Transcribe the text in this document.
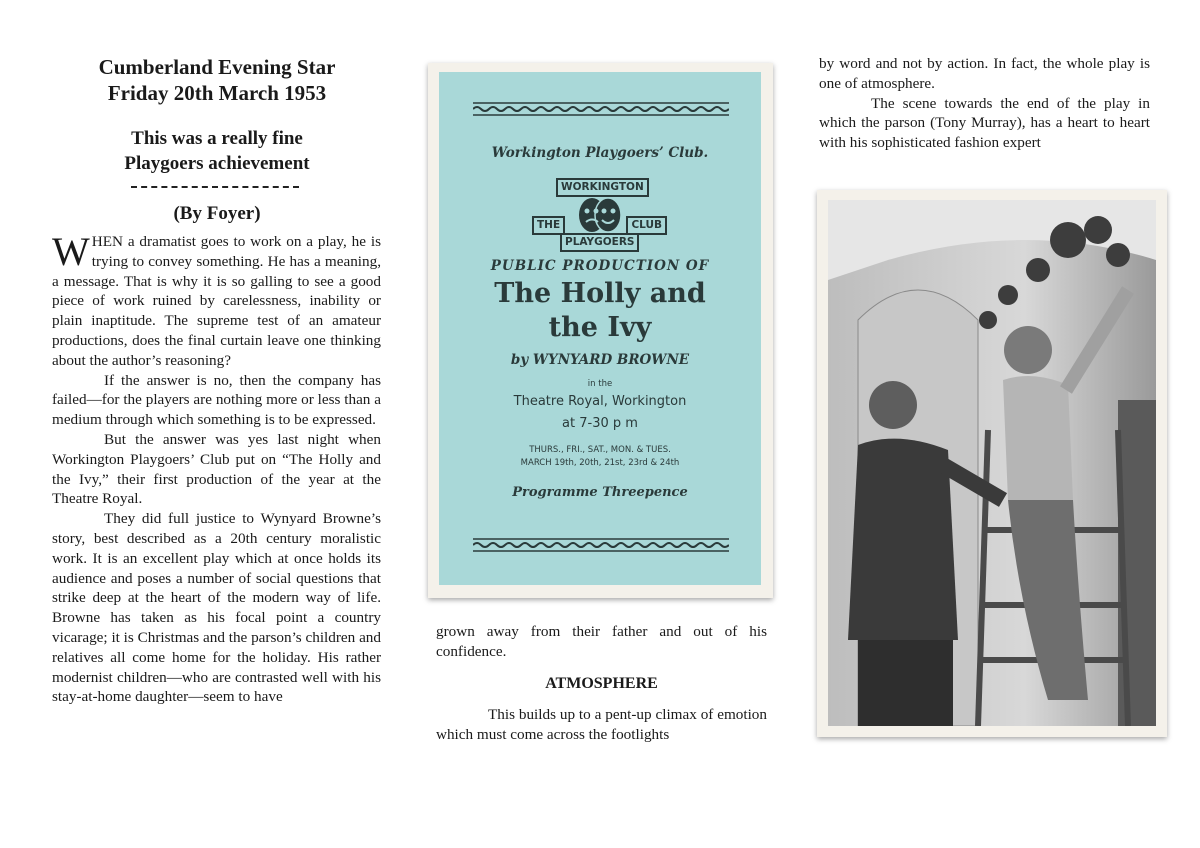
Cumberland Evening Star
Friday 20th March 1953
This was a really fine
Playgoers achievement
(By Foyer)

WHEN a dramatist goes to work on a play, he is trying to convey something. He has a meaning, a message. That is why it is so galling to see a good piece of work ruined by carelessness, inability or plain inaptitude. The supreme test of an amateur productions, does the final curtain leave one thinking about the author’s reasoning?

If the answer is no, then the company has failed—for the players are nothing more or less than a medium through which something is to be expressed.

But the answer was yes last night when Workington Playgoers’ Club put on “The Holly and the Ivy,” their first production of the year at the Theatre Royal.

They did full justice to Wynyard Browne’s story, best described as a 20th century moralistic work. It is an excellent play which at once holds its audience and poses a number of social questions that strike deep at the heart of the modern way of life. Browne has taken as his focal point a country vicarage; it is Christmas and the parson’s children and relatives all come home for the holiday. His rather modernist children—who are contrasted well with his stay-at-home daughter—seem to have

Workington Playgoers’ Club.
WORKINGTON
THE	CLUB
PLAYGOERS
PUBLIC PRODUCTION OF
The Holly and
the Ivy
by WYNYARD BROWNE
in the
Theatre Royal, Workington
at 7-30 p m
THURS., FRI., SAT., MON. & TUES.
MARCH 19th, 20th, 21st, 23rd & 24th
Programme Threepence

grown away from their father and out of his confidence.

ATMOSPHERE

This builds up to a pent-up climax of emotion which must come across the footlights

by word and not by action. In fact, the whole play is one of atmosphere.

The scene towards the end of the play in which the parson (Tony Murray), has a heart to heart with his sophisticated fashion expert
